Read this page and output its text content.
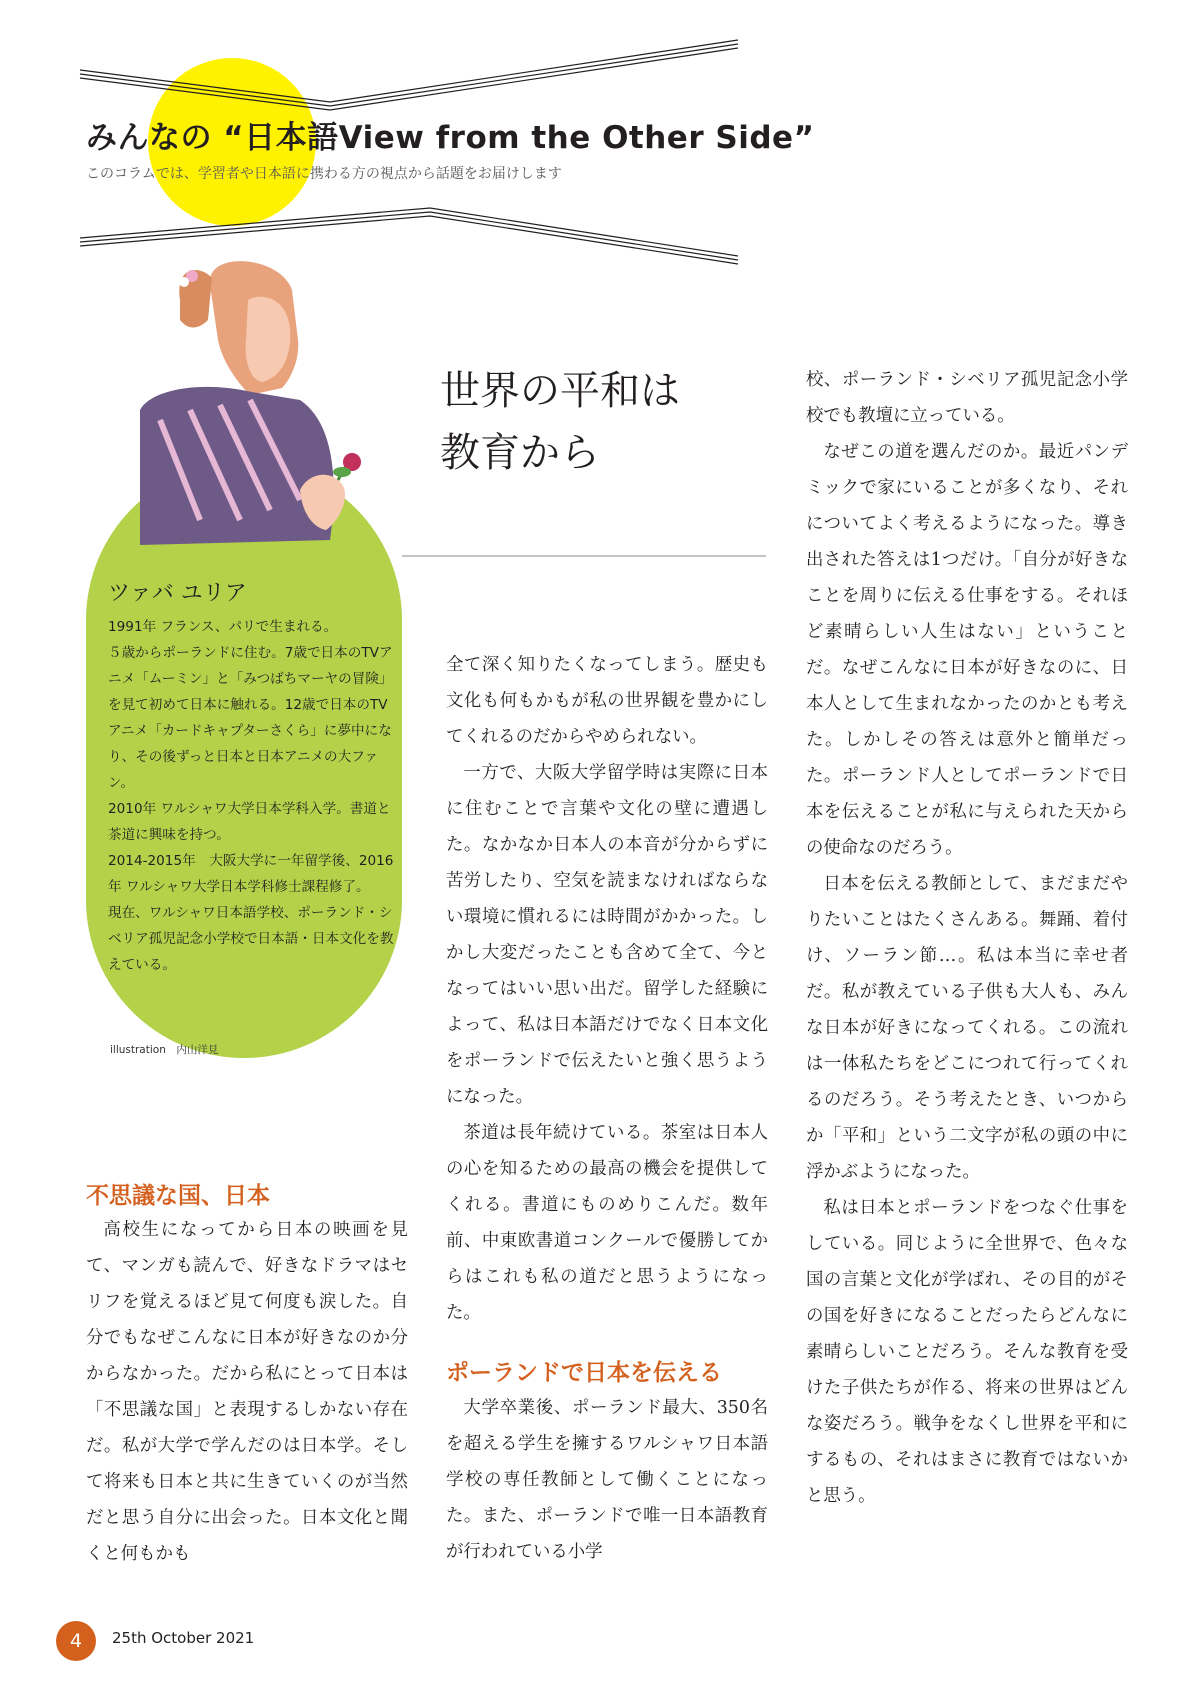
みんなの “日本語View from the Other Side”
このコラムでは、学習者や日本語に携わる方の視点から話題をお届けします
世界の平和は
教育から
ツァバ ユリア
1991年 フランス、パリで生まれる。
５歳からポーランドに住む。7歳で日本のTVアニメ「ムーミン」と「みつばちマーヤの冒険」を見て初めて日本に触れる。12歳で日本のTVアニメ「カードキャプターさくら」に夢中になり、その後ずっと日本と日本アニメの大ファン。
2010年 ワルシャワ大学日本学科入学。書道と茶道に興味を持つ。
2014-2015年　大阪大学に一年留学後、2016年 ワルシャワ大学日本学科修士課程修了。
現在、ワルシャワ日本語学校、ポーランド・シベリア孤児記念小学校で日本語・日本文化を教えている。
illustration　内山洋見
不思議な国、日本

高校生になってから日本の映画を見て、マンガも読んで、好きなドラマはセリフを覚えるほど見て何度も涙した。自分でもなぜこんなに日本が好きなのか分からなかった。だから私にとって日本は「不思議な国」と表現するしかない存在だ。私が大学で学んだのは日本学。そして将来も日本と共に生きていくのが当然だと思う自分に出会った。日本文化と聞くと何もかも

全て深く知りたくなってしまう。歴史も文化も何もかもが私の世界観を豊かにしてくれるのだからやめられない。

一方で、大阪大学留学時は実際に日本に住むことで言葉や文化の壁に遭遇した。なかなか日本人の本音が分からずに苦労したり、空気を読まなければならない環境に慣れるには時間がかかった。しかし大変だったことも含めて全て、今となってはいい思い出だ。留学した経験によって、私は日本語だけでなく日本文化をポーランドで伝えたいと強く思うようになった。

茶道は長年続けている。茶室は日本人の心を知るための最高の機会を提供してくれる。書道にものめりこんだ。数年前、中東欧書道コンクールで優勝してからはこれも私の道だと思うようになった。

ポーランドで日本を伝える

大学卒業後、ポーランド最大、350名を超える学生を擁するワルシャワ日本語学校の専任教師として働くことになった。また、ポーランドで唯一日本語教育が行われている小学

校、ポーランド・シベリア孤児記念小学校でも教壇に立っている。

なぜこの道を選んだのか。最近パンデミックで家にいることが多くなり、それについてよく考えるようになった。導き出された答えは1つだけ。「自分が好きなことを周りに伝える仕事をする。それほど素晴らしい人生はない」ということだ。なぜこんなに日本が好きなのに、日本人として生まれなかったのかとも考えた。しかしその答えは意外と簡単だった。ポーランド人としてポーランドで日本を伝えることが私に与えられた天からの使命なのだろう。

日本を伝える教師として、まだまだやりたいことはたくさんある。舞踊、着付け、ソーラン節…。私は本当に幸せ者だ。私が教えている子供も大人も、みんな日本が好きになってくれる。この流れは一体私たちをどこにつれて行ってくれるのだろう。そう考えたとき、いつからか「平和」という二文字が私の頭の中に浮かぶようになった。

私は日本とポーランドをつなぐ仕事をしている。同じように全世界で、色々な国の言葉と文化が学ばれ、その目的がその国を好きになることだったらどんなに素晴らしいことだろう。そんな教育を受けた子供たちが作る、将来の世界はどんな姿だろう。戦争をなくし世界を平和にするもの、それはまさに教育ではないかと思う。

4	25th October 2021
